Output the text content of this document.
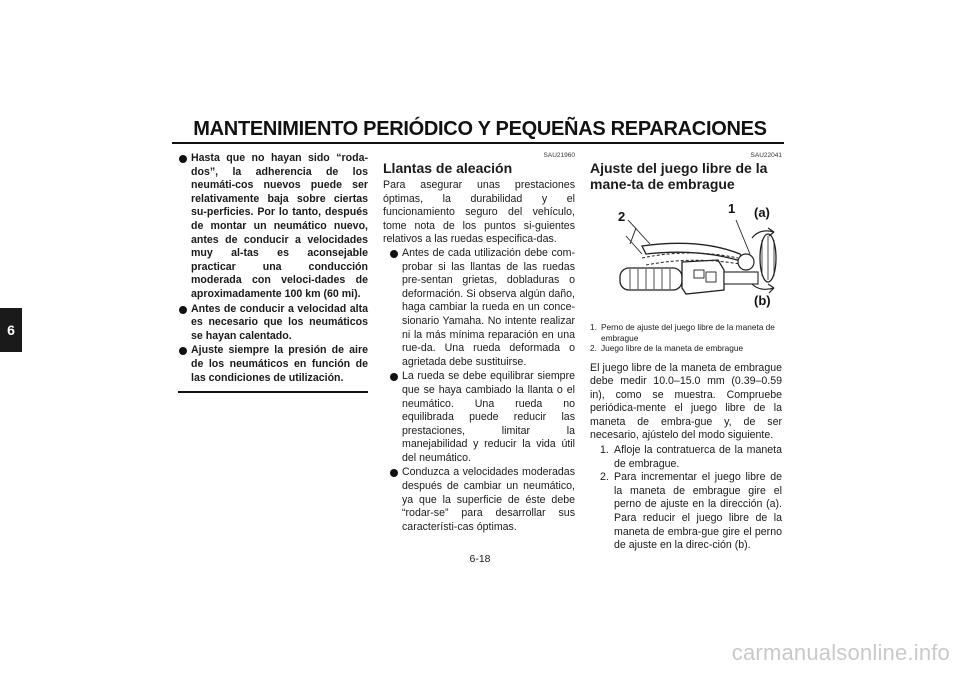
MANTENIMIENTO PERIÓDICO Y PEQUEÑAS REPARACIONES
6
Hasta que no hayan sido “roda-dos”, la adherencia de los neumáti-cos nuevos puede ser relativamente baja sobre ciertas su-perficies. Por lo tanto, después de montar un neumático nuevo, antes de conducir a velocidades muy al-tas es aconsejable practicar una conducción moderada con veloci-dades de aproximadamente 100 km (60 mi).
Antes de conducir a velocidad alta es necesario que los neumáticos se hayan calentado.
Ajuste siempre la presión de aire de los neumáticos en función de las condiciones de utilización.
SAU21960
Llantas de aleación

Para asegurar unas prestaciones óptimas, la durabilidad y el funcionamiento seguro del vehículo, tome nota de los puntos si-guientes relativos a las ruedas especifica-das.

Antes de cada utilización debe com-probar si las llantas de las ruedas pre-sentan grietas, dobladuras o deformación. Si observa algún daño, haga cambiar la rueda en un conce-sionario Yamaha. No intente realizar ni la más mínima reparación en una rue-da. Una rueda deformada o agrietada debe sustituirse.
La rueda se debe equilibrar siempre que se haya cambiado la llanta o el neumático. Una rueda no equilibrada puede reducir las prestaciones, limitar la manejabilidad y reducir la vida útil del neumático.
Conduzca a velocidades moderadas después de cambiar un neumático, ya que la superficie de éste debe “rodar-se” para desarrollar sus característi-cas óptimas.
SAU22041
Ajuste del juego libre de la mane-ta de embrague
1
2	(a)
(b)
1. Perno de ajuste del juego libre de la maneta de embrague
2. Juego libre de la maneta de embrague

El juego libre de la maneta de embrague debe medir 10.0–15.0 mm (0.39–0.59 in), como se muestra. Compruebe periódica-mente el juego libre de la maneta de embra-gue y, de ser necesario, ajústelo del modo siguiente.

1. Afloje la contratuerca de la maneta de embrague.
2. Para incrementar el juego libre de la maneta de embrague gire el perno de ajuste en la dirección (a). Para reducir el juego libre de la maneta de embra-gue gire el perno de ajuste en la direc-ción (b).
6-18
carmanualsonline.info
